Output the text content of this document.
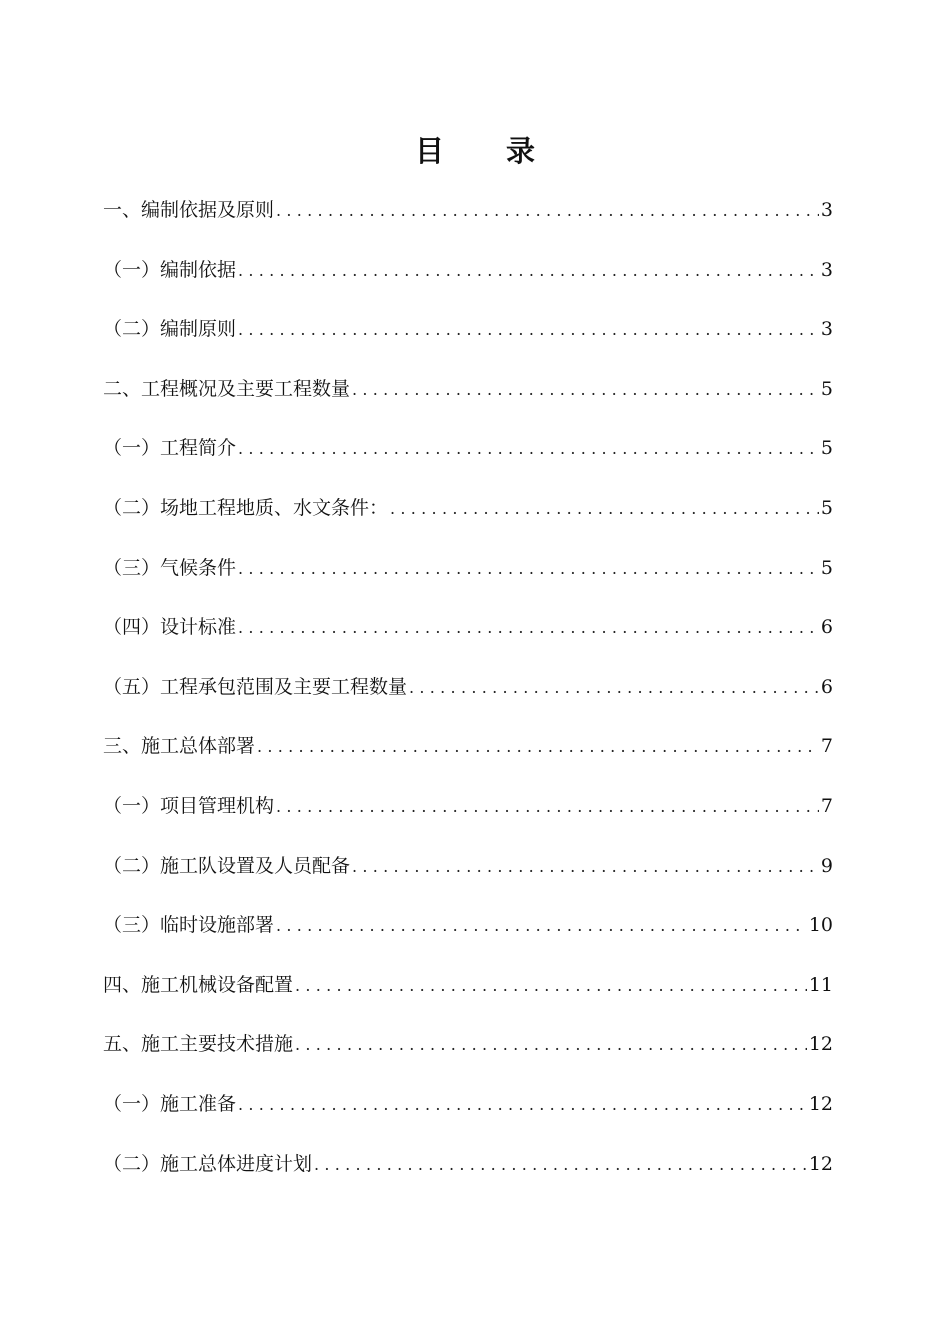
目录
一、编制依据及原则 .....	3
（一）编制依据 .....	3
（二）编制原则 .....	3
二、工程概况及主要工程数量 .....	5
（一）工程简介 .....	5
（二）场地工程地质、水文条件： .....	5
（三）气候条件 .....	5
（四）设计标准 .....	6
（五）工程承包范围及主要工程数量 .....	6
三、施工总体部署 .....	7
（一）项目管理机构 .....	7
（二）施工队设置及人员配备 .....	9
（三）临时设施部署 .....	10
四、施工机械设备配置 .....	11
五、施工主要技术措施 .....	12
（一）施工准备 .....	12
（二）施工总体进度计划 .....	12
